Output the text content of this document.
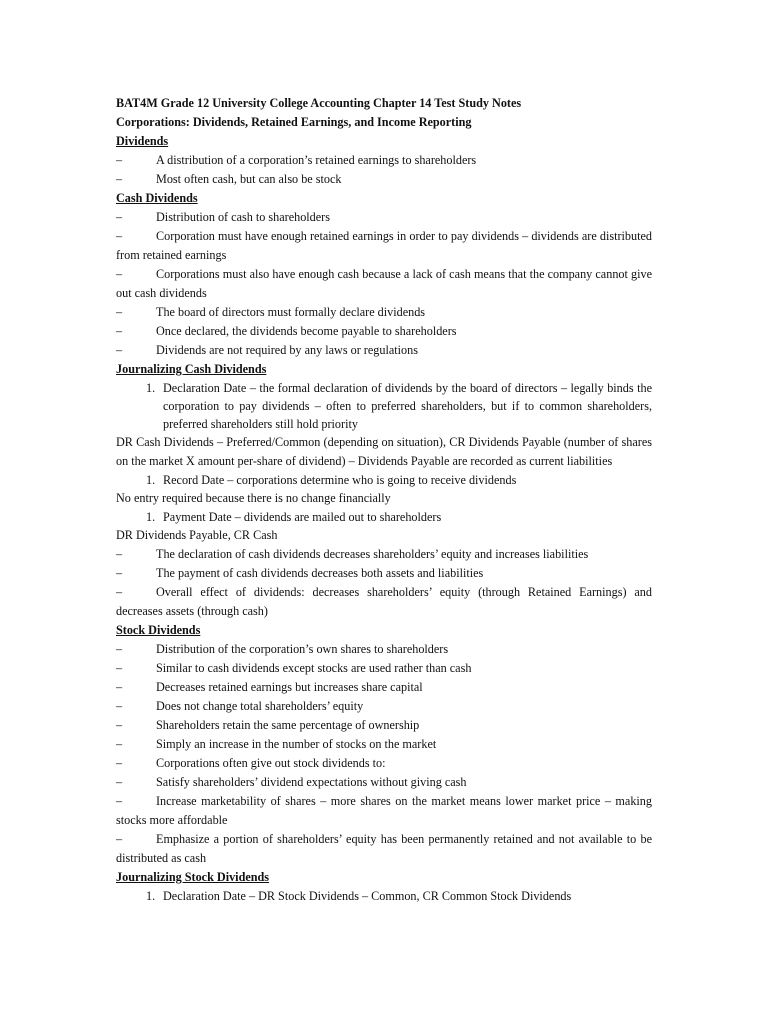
BAT4M Grade 12 University College Accounting Chapter 14 Test Study Notes
Corporations: Dividends, Retained Earnings, and Income Reporting
Dividends
–	A distribution of a corporation’s retained earnings to shareholders
–	Most often cash, but can also be stock
Cash Dividends
–	Distribution of cash to shareholders
–	Corporation must have enough retained earnings in order to pay dividends – dividends are distributed from retained earnings
–	Corporations must also have enough cash because a lack of cash means that the company cannot give out cash dividends
–	The board of directors must formally declare dividends
–	Once declared, the dividends become payable to shareholders
–	Dividends are not required by any laws or regulations
Journalizing Cash Dividends
1. Declaration Date – the formal declaration of dividends by the board of directors – legally binds the corporation to pay dividends – often to preferred shareholders, but if to common shareholders, preferred shareholders still hold priority
DR Cash Dividends – Preferred/Common (depending on situation), CR Dividends Payable (number of shares on the market X amount per-share of dividend) – Dividends Payable are recorded as current liabilities
1. Record Date – corporations determine who is going to receive dividends
No entry required because there is no change financially
1. Payment Date – dividends are mailed out to shareholders
DR Dividends Payable, CR Cash
–	The declaration of cash dividends decreases shareholders’ equity and increases liabilities
–	The payment of cash dividends decreases both assets and liabilities
–	Overall effect of dividends: decreases shareholders’ equity (through Retained Earnings) and decreases assets (through cash)
Stock Dividends
–	Distribution of the corporation’s own shares to shareholders
–	Similar to cash dividends except stocks are used rather than cash
–	Decreases retained earnings but increases share capital
–	Does not change total shareholders’ equity
–	Shareholders retain the same percentage of ownership
–	Simply an increase in the number of stocks on the market
–	Corporations often give out stock dividends to:
–	Satisfy shareholders’ dividend expectations without giving cash
–	Increase marketability of shares – more shares on the market means lower market price – making stocks more affordable
–	Emphasize a portion of shareholders’ equity has been permanently retained and not available to be distributed as cash
Journalizing Stock Dividends
1. Declaration Date – DR Stock Dividends – Common, CR Common Stock Dividends
